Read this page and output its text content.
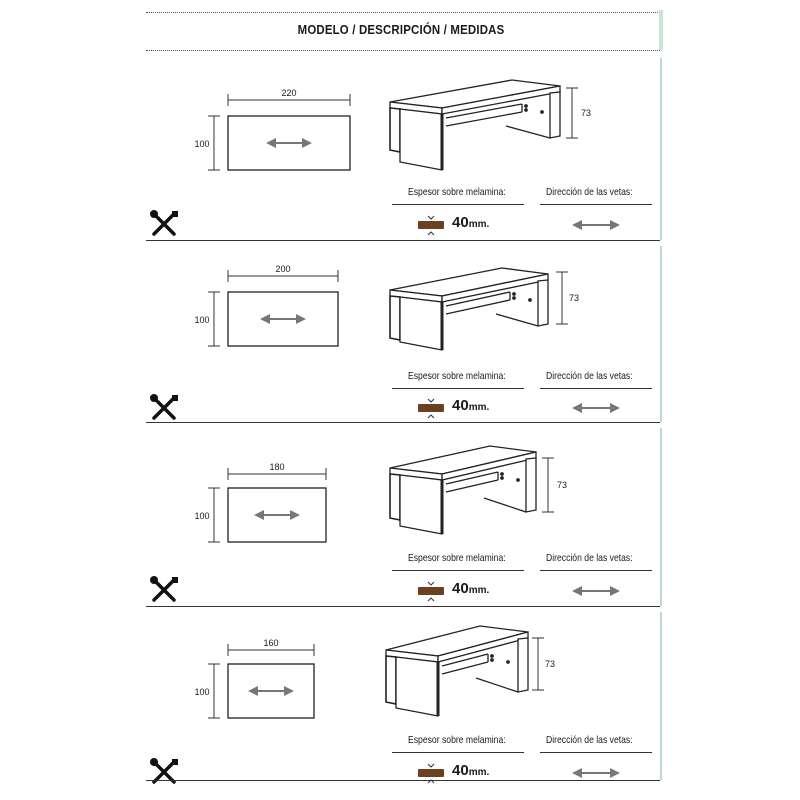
MODELO / DESCRIPCIÓN / MEDIDAS
220
100
73
Espesor sobre melamina:	Dirección de las vetas:
40mm.
200
100
73
Espesor sobre melamina:	Dirección de las vetas:
40mm.
180
100
73
Espesor sobre melamina:	Dirección de las vetas:
40mm.
160
100
73
Espesor sobre melamina:	Dirección de las vetas:
40mm.
